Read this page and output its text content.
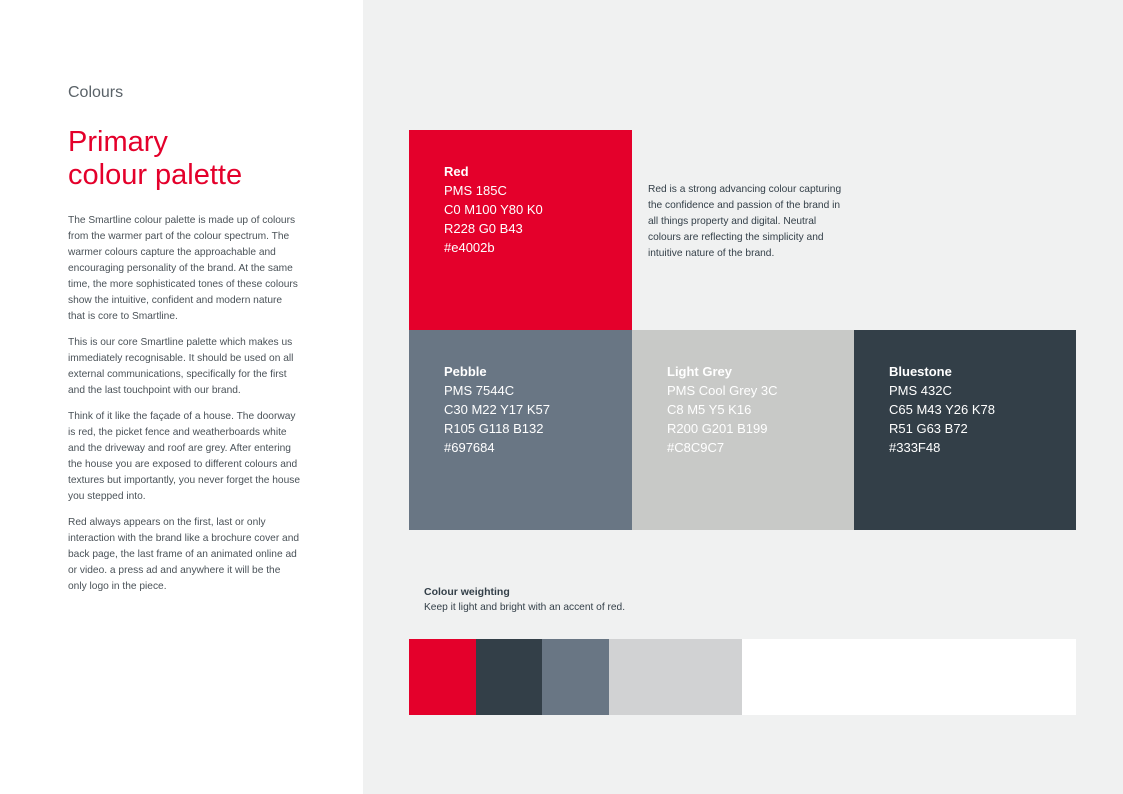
Colours
Primary
colour palette

The Smartline colour palette is made up of colours from the warmer part of the colour spectrum. The warmer colours capture the approachable and encouraging personality of the brand. At the same time, the more sophisticated tones of these colours show the intuitive, confident and modern nature that is core to Smartline.

This is our core Smartline palette which makes us immediately recognisable. It should be used on all external communications, specifically for the first and the last touchpoint with our brand.

Think of it like the façade of a house. The doorway is red, the picket fence and weatherboards white and the driveway and roof are grey. After entering the house you are exposed to different colours and textures but importantly, you never forget the house you stepped into.

Red always appears on the first, last or only interaction with the brand like a brochure cover and back page, the last frame of an animated online ad or video. a press ad and anywhere it will be the only logo in the piece.

Red
PMS 185C
C0 M100 Y80 K0
R228 G0 B43
#e4002b

Red is a strong advancing colour capturing the confidence and passion of the brand in all things property and digital. Neutral colours are reflecting the simplicity and intuitive nature of the brand.

Pebble
PMS 7544C
C30 M22 Y17 K57
R105 G118 B132
#697684
Light Grey
PMS Cool Grey 3C
C8 M5 Y5 K16
R200 G201 B199
#C8C9C7
Bluestone
PMS 432C
C65 M43 Y26 K78
R51 G63 B72
#333F48
Colour weighting
Keep it light and bright with an accent of red.
